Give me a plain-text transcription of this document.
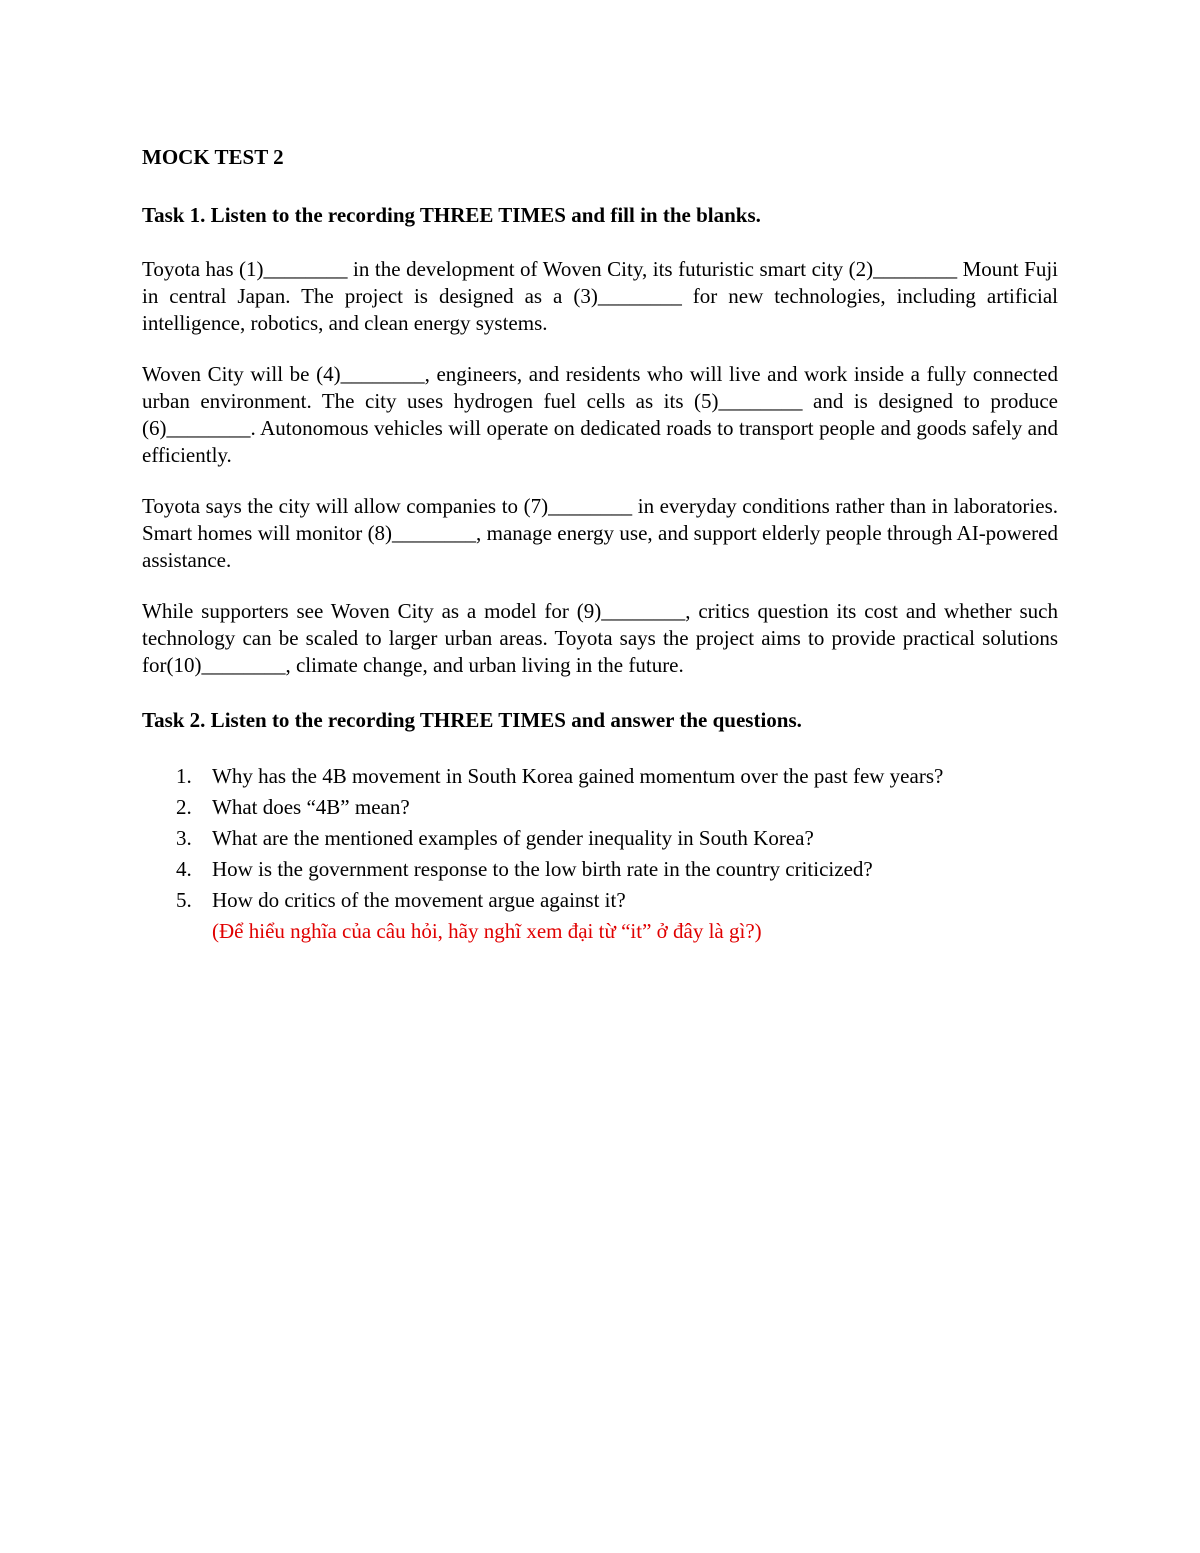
MOCK TEST 2
Task 1. Listen to the recording THREE TIMES and fill in the blanks.

Toyota has (1)________ in the development of Woven City, its futuristic smart city (2)________ Mount Fuji in central Japan. The project is designed as a (3)________ for new technologies, including artificial intelligence, robotics, and clean energy systems.

Woven City will be (4)________, engineers, and residents who will live and work inside a fully connected urban environment. The city uses hydrogen fuel cells as its (5)________ and is designed to produce (6)________. Autonomous vehicles will operate on dedicated roads to transport people and goods safely and efficiently.

Toyota says the city will allow companies to (7)________ in everyday conditions rather than in laboratories. Smart homes will monitor (8)________, manage energy use, and support elderly people through AI-powered assistance.

While supporters see Woven City as a model for (9)________, critics question its cost and whether such technology can be scaled to larger urban areas. Toyota says the project aims to provide practical solutions for(10)________, climate change, and urban living in the future.

Task 2. Listen to the recording THREE TIMES and answer the questions.
1. Why has the 4B movement in South Korea gained momentum over the past few years?
2. What does “4B” mean?
3. What are the mentioned examples of gender inequality in South Korea?
4. How is the government response to the low birth rate in the country criticized?
5. How do critics of the movement argue against it?
(Để hiểu nghĩa của câu hỏi, hãy nghĩ xem đại từ “it” ở đây là gì?)
